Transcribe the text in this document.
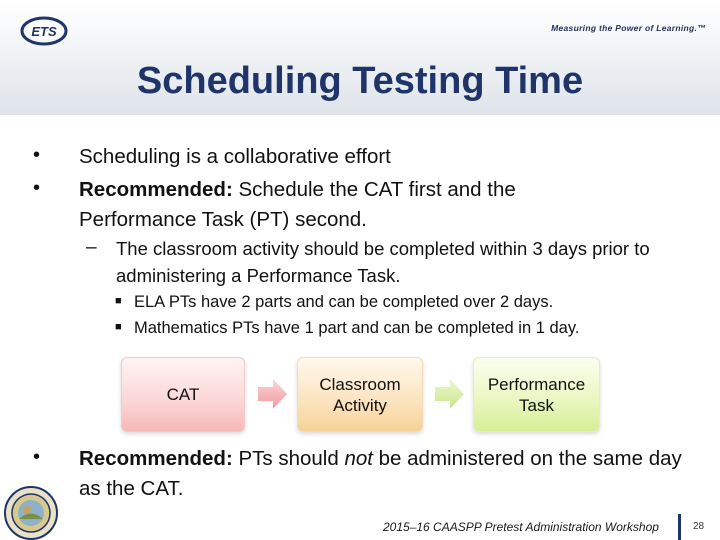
ETS	Measuring the Power of Learning.™
Scheduling Testing Time
• Scheduling is a collaborative effort
• Recommended: Schedule the CAT first and the Performance Task (PT) second.
– The classroom activity should be completed within 3 days prior to administering a Performance Task.
■ ELA PTs have 2 parts and can be completed over 2 days.
■ Mathematics PTs have 1 part and can be completed in 1 day.
CAT
Classroom Activity
Performance Task
• Recommended: PTs should not be administered on the same day as the CAT.
2015–16 CAASPP Pretest Administration Workshop	28
